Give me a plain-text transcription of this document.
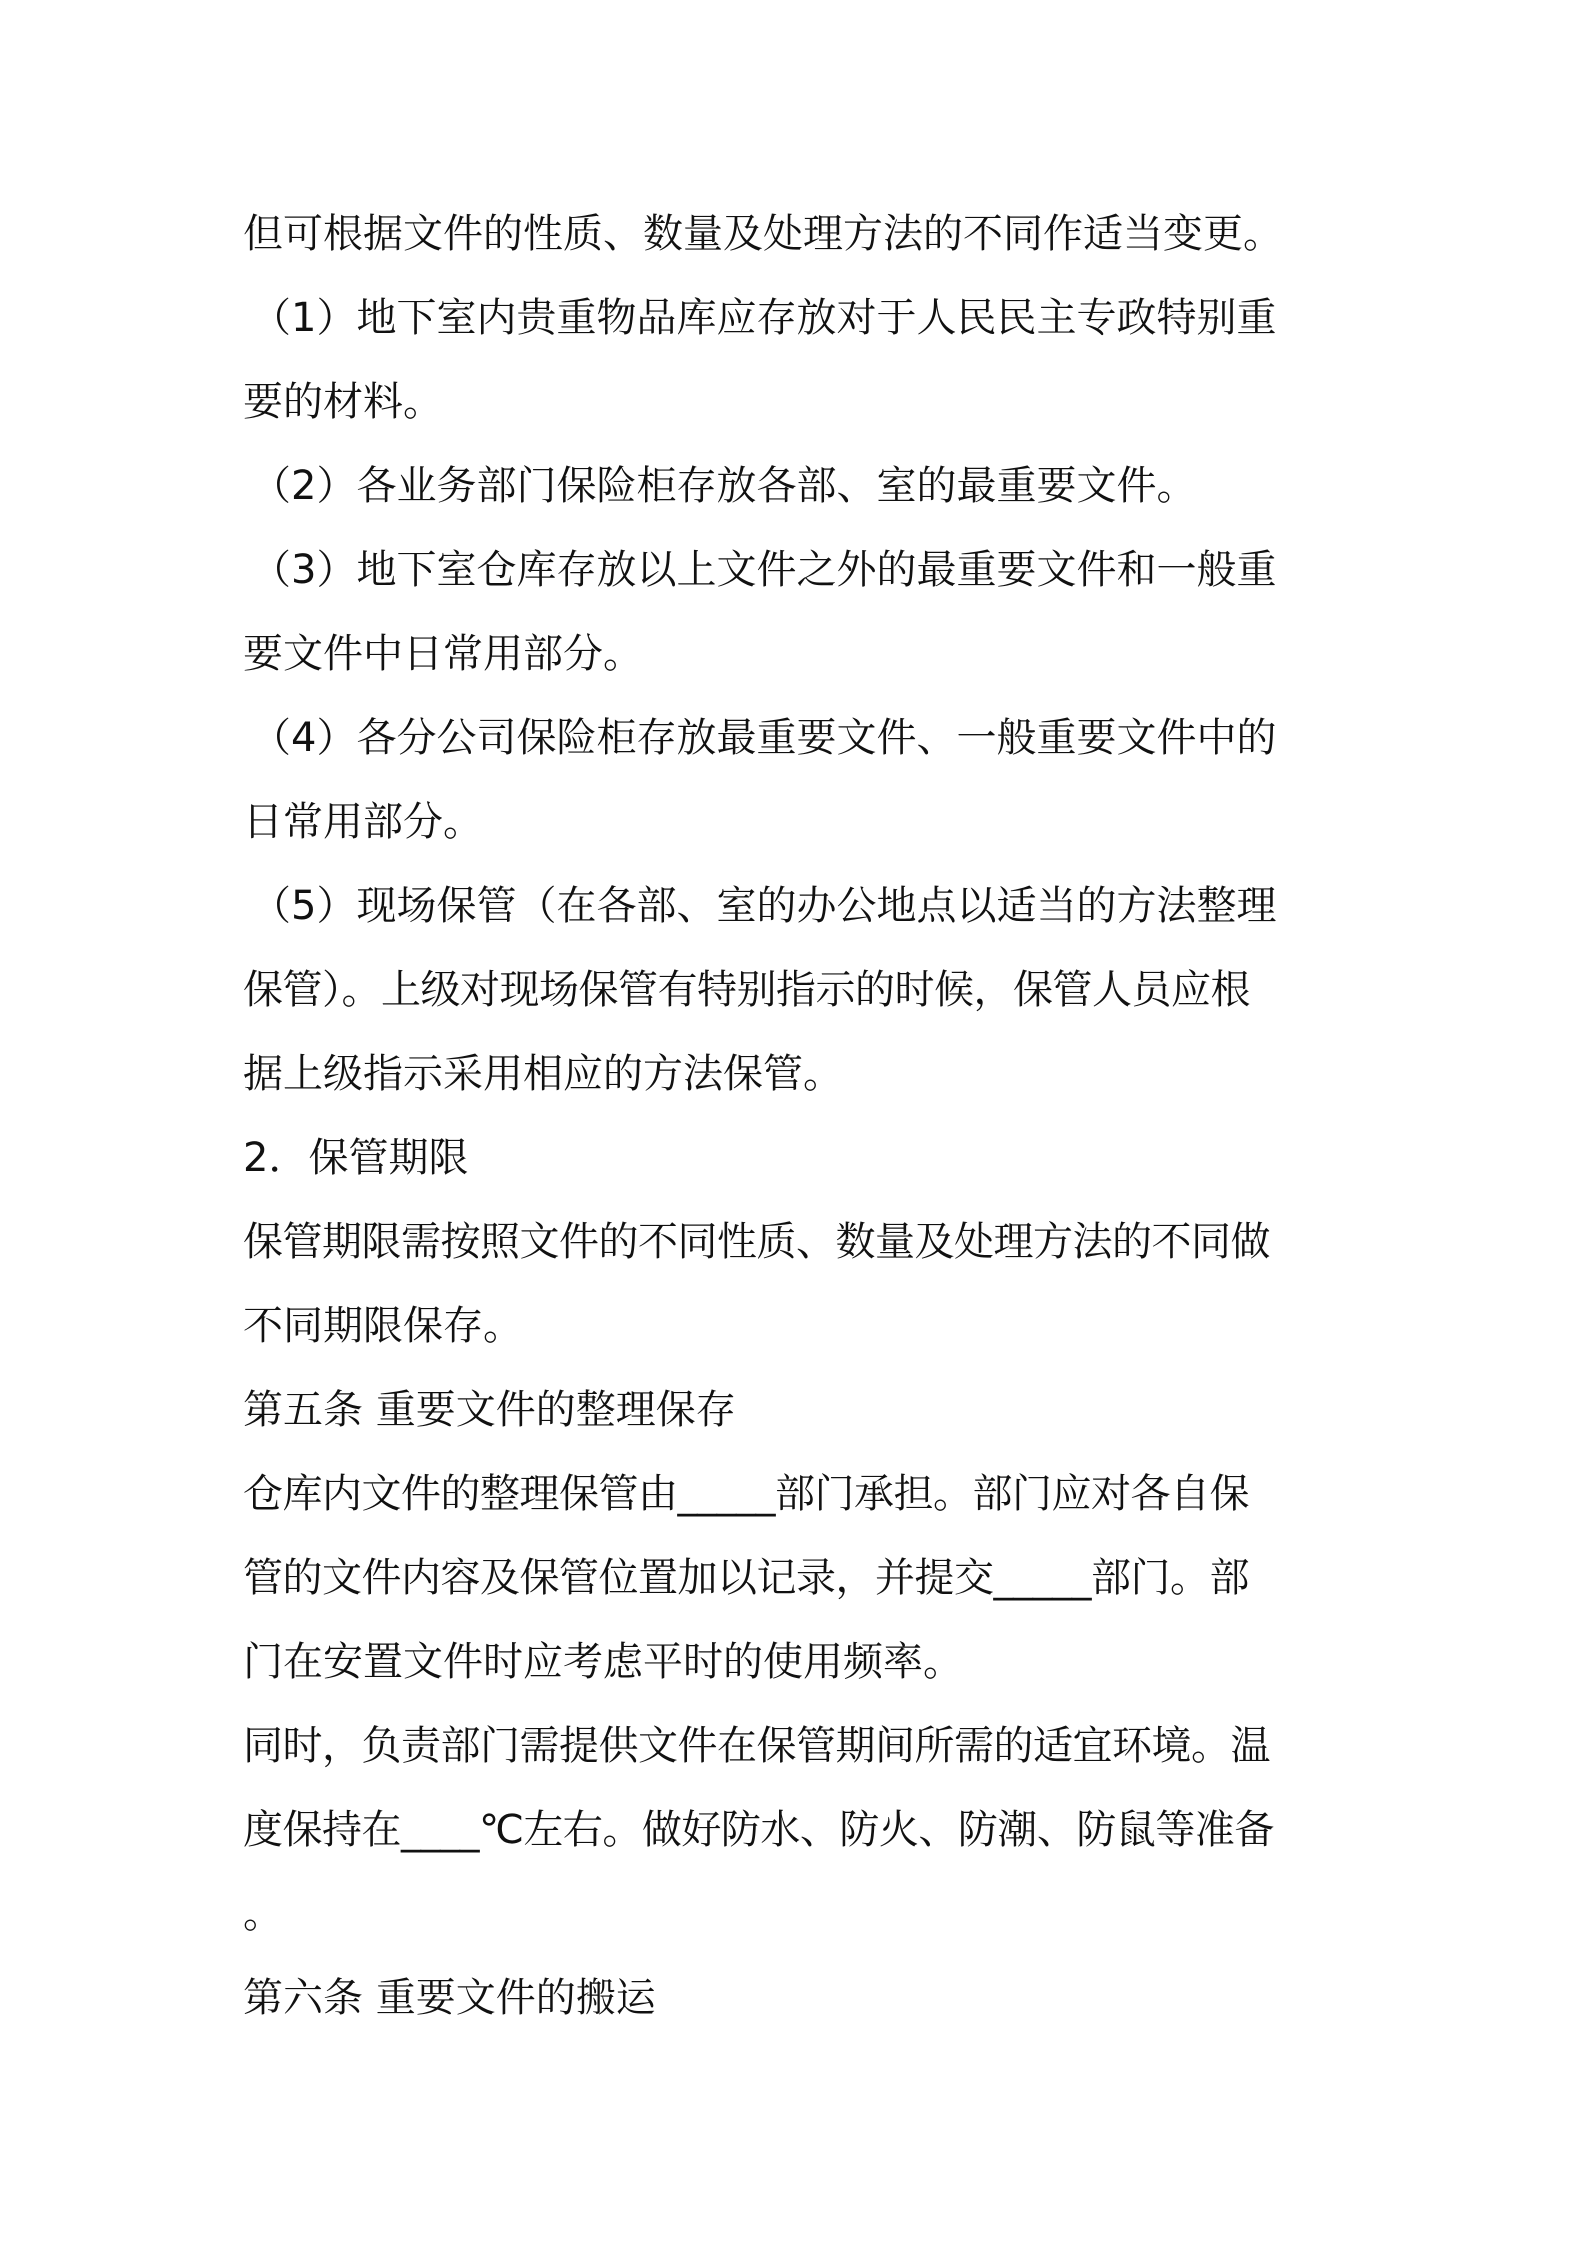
但可根据文件的性质、数量及处理方法的不同作适当变更。
（1）地下室内贵重物品库应存放对于人民民主专政特别重
要的材料。
（2）各业务部门保险柜存放各部、室的最重要文件。
（3）地下室仓库存放以上文件之外的最重要文件和一般重
要文件中日常用部分。
（4）各分公司保险柜存放最重要文件、一般重要文件中的
日常用部分。
（5）现场保管（在各部、室的办公地点以适当的方法整理
保管）。上级对现场保管有特别指示的时候，保管人员应根
据上级指示采用相应的方法保管。
2．保管期限
保管期限需按照文件的不同性质、数量及处理方法的不同做
不同期限保存。
第五条 重要文件的整理保存
仓库内文件的整理保管由_____部门承担。部门应对各自保
管的文件内容及保管位置加以记录，并提交_____部门。部
门在安置文件时应考虑平时的使用频率。
同时，负责部门需提供文件在保管期间所需的适宜环境。温
度保持在____℃左右。做好防水、防火、防潮、防鼠等准备
。
第六条 重要文件的搬运
